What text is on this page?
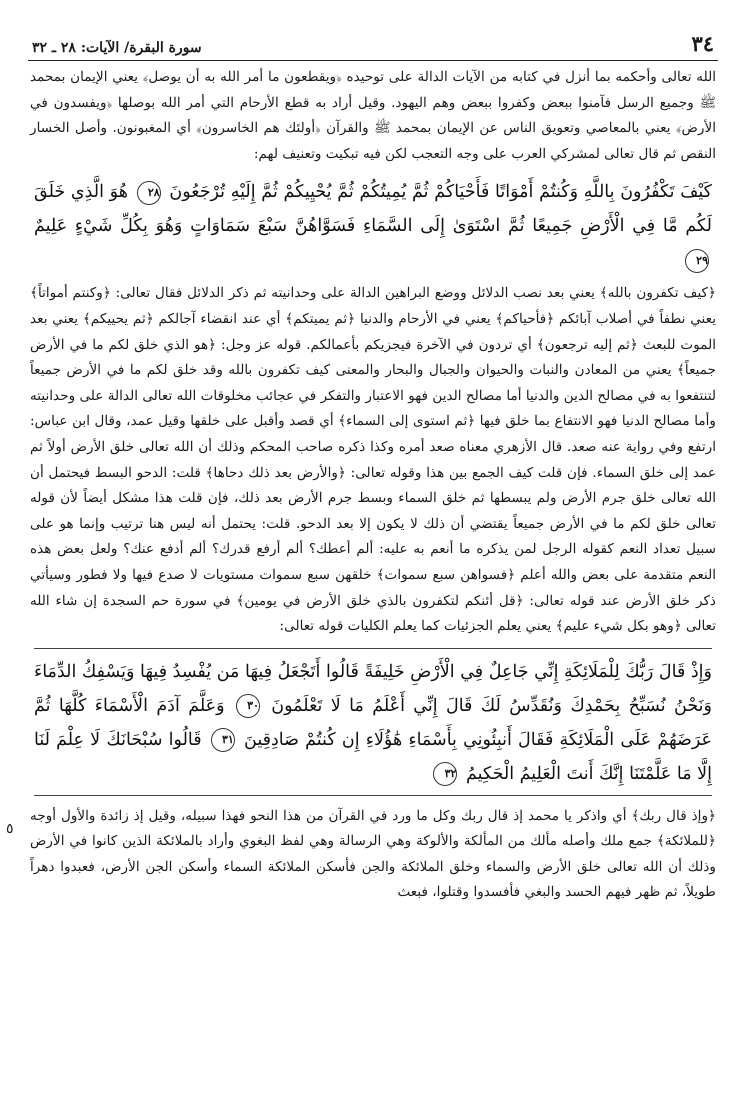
٣٤
سورة البقرة/ الآيات: ٢٨ ـ ٣٢

الله تعالى وأحكمه بما أنزل في كتابه من الآيات الدالة على توحيده ﴿ويقطعون ما أمر الله به أن يوصل﴾ يعني الإيمان بمحمد ﷺ وجميع الرسل فآمنوا ببعض وكفروا ببعض وهم اليهود. وقيل أراد به قطع الأرحام التي أمر الله بوصلها ﴿ويفسدون في الأرض﴾ يعني بالمعاصي وتعويق الناس عن الإيمان بمحمد ﷺ والقرآن ﴿أولئك هم الخاسرون﴾ أي المغبونون. وأصل الخسار النقص ثم قال تعالى لمشركي العرب على وجه التعجب لكن فيه تبكيت وتعنيف لهم:

كَيْفَ تَكْفُرُونَ بِاللَّهِ وَكُنتُمْ أَمْوَاتًا فَأَحْيَاكُمْ ثُمَّ يُمِيتُكُمْ ثُمَّ يُحْيِيكُمْ ثُمَّ إِلَيْهِ تُرْجَعُونَ ٢٨ هُوَ الَّذِي خَلَقَ لَكُم مَّا فِي الْأَرْضِ جَمِيعًا ثُمَّ اسْتَوَىٰ إِلَى السَّمَاءِ فَسَوَّاهُنَّ سَبْعَ سَمَاوَاتٍ وَهُوَ بِكُلِّ شَيْءٍ عَلِيمٌ ٢٩

﴿كيف تكفرون بالله﴾ يعني بعد نصب الدلائل ووضع البراهين الدالة على وحدانيته ثم ذكر الدلائل فقال تعالى: ﴿وكنتم أمواتاً﴾ يعني نطفاً في أصلاب آبائكم ﴿فأحياكم﴾ يعني في الأرحام والدنيا ﴿ثم يميتكم﴾ أي عند انقضاء آجالكم ﴿ثم يحييكم﴾ يعني بعد الموت للبعث ﴿ثم إليه ترجعون﴾ أي تردون في الآخرة فيجزيكم بأعمالكم. قوله عز وجل: ﴿هو الذي خلق لكم ما في الأرض جميعاً﴾ يعني من المعادن والنبات والحيوان والجبال والبحار والمعنى كيف تكفرون بالله وقد خلق لكم ما في الأرض جميعاً لتنتفعوا به في مصالح الدين والدنيا أما مصالح الدين فهو الاعتبار والتفكر في عجائب مخلوقات الله تعالى الدالة على وحدانيته وأما مصالح الدنيا فهو الانتفاع بما خلق فيها ﴿ثم استوى إلى السماء﴾ أي قصد وأقبل على خلقها وقيل عمد، وقال ابن عباس: ارتفع وفي رواية عنه صعد. قال الأزهري معناه صعد أمره وكذا ذكره صاحب المحكم وذلك أن الله تعالى خلق الأرض أولاً ثم عمد إلى خلق السماء. فإن قلت كيف الجمع بين هذا وقوله تعالى: ﴿والأرض بعد ذلك دحاها﴾ قلت: الدحو البسط فيحتمل أن الله تعالى خلق جرم الأرض ولم يبسطها ثم خلق السماء وبسط جرم الأرض بعد ذلك، فإن قلت هذا مشكل أيضاً لأن قوله تعالى خلق لكم ما في الأرض جميعاً يقتضي أن ذلك لا يكون إلا بعد الدحو. قلت: يحتمل أنه ليس هنا ترتيب وإنما هو على سبيل تعداد النعم كقوله الرجل لمن يذكره ما أنعم به عليه: ألم أعطك؟ ألم أرفع قدرك؟ ألم أدفع عنك؟ ولعل بعض هذه النعم متقدمة على بعض والله أعلم ﴿فسواهن سبع سموات﴾ خلقهن سبع سموات مستويات لا صدع فيها ولا فطور وسيأتي ذكر خلق الأرض عند قوله تعالى: ﴿قل أئنكم لتكفرون بالذي خلق الأرض في يومين﴾ في سورة حم السجدة إن شاء الله تعالى ﴿وهو بكل شيء عليم﴾ يعني يعلم الجزئيات كما يعلم الكليات قوله تعالى:

وَإِذْ قَالَ رَبُّكَ لِلْمَلَائِكَةِ إِنِّي جَاعِلٌ فِي الْأَرْضِ خَلِيفَةً قَالُوا أَتَجْعَلُ فِيهَا مَن يُفْسِدُ فِيهَا وَيَسْفِكُ الدِّمَاءَ وَنَحْنُ نُسَبِّحُ بِحَمْدِكَ وَنُقَدِّسُ لَكَ قَالَ إِنِّي أَعْلَمُ مَا لَا تَعْلَمُونَ ٣٠ وَعَلَّمَ آدَمَ الْأَسْمَاءَ كُلَّهَا ثُمَّ عَرَضَهُمْ عَلَى الْمَلَائِكَةِ فَقَالَ أَنبِئُونِي بِأَسْمَاءِ هَٰؤُلَاءِ إِن كُنتُمْ صَادِقِينَ ٣١ قَالُوا سُبْحَانَكَ لَا عِلْمَ لَنَا إِلَّا مَا عَلَّمْتَنَا إِنَّكَ أَنتَ الْعَلِيمُ الْحَكِيمُ ٣٢

﴿وإذ قال ربك﴾ أي واذكر يا محمد إذ قال ربك وكل ما ورد في القرآن من هذا النحو فهذا سبيله، وقيل إذ زائدة والأول أوجه ﴿للملائكة﴾ جمع ملك وأصله مألك من المألكة والألوكة وهي الرسالة وهي لفظ البغوي وأراد بالملائكة الذين كانوا في الأرض وذلك أن الله تعالى خلق الأرض والسماء وخلق الملائكة والجن فأسكن الملائكة السماء وأسكن الجن الأرض، فعبدوا دهراً طويلاً، ثم ظهر فيهم الحسد والبغي فأفسدوا وقتلوا، فبعث

٥
